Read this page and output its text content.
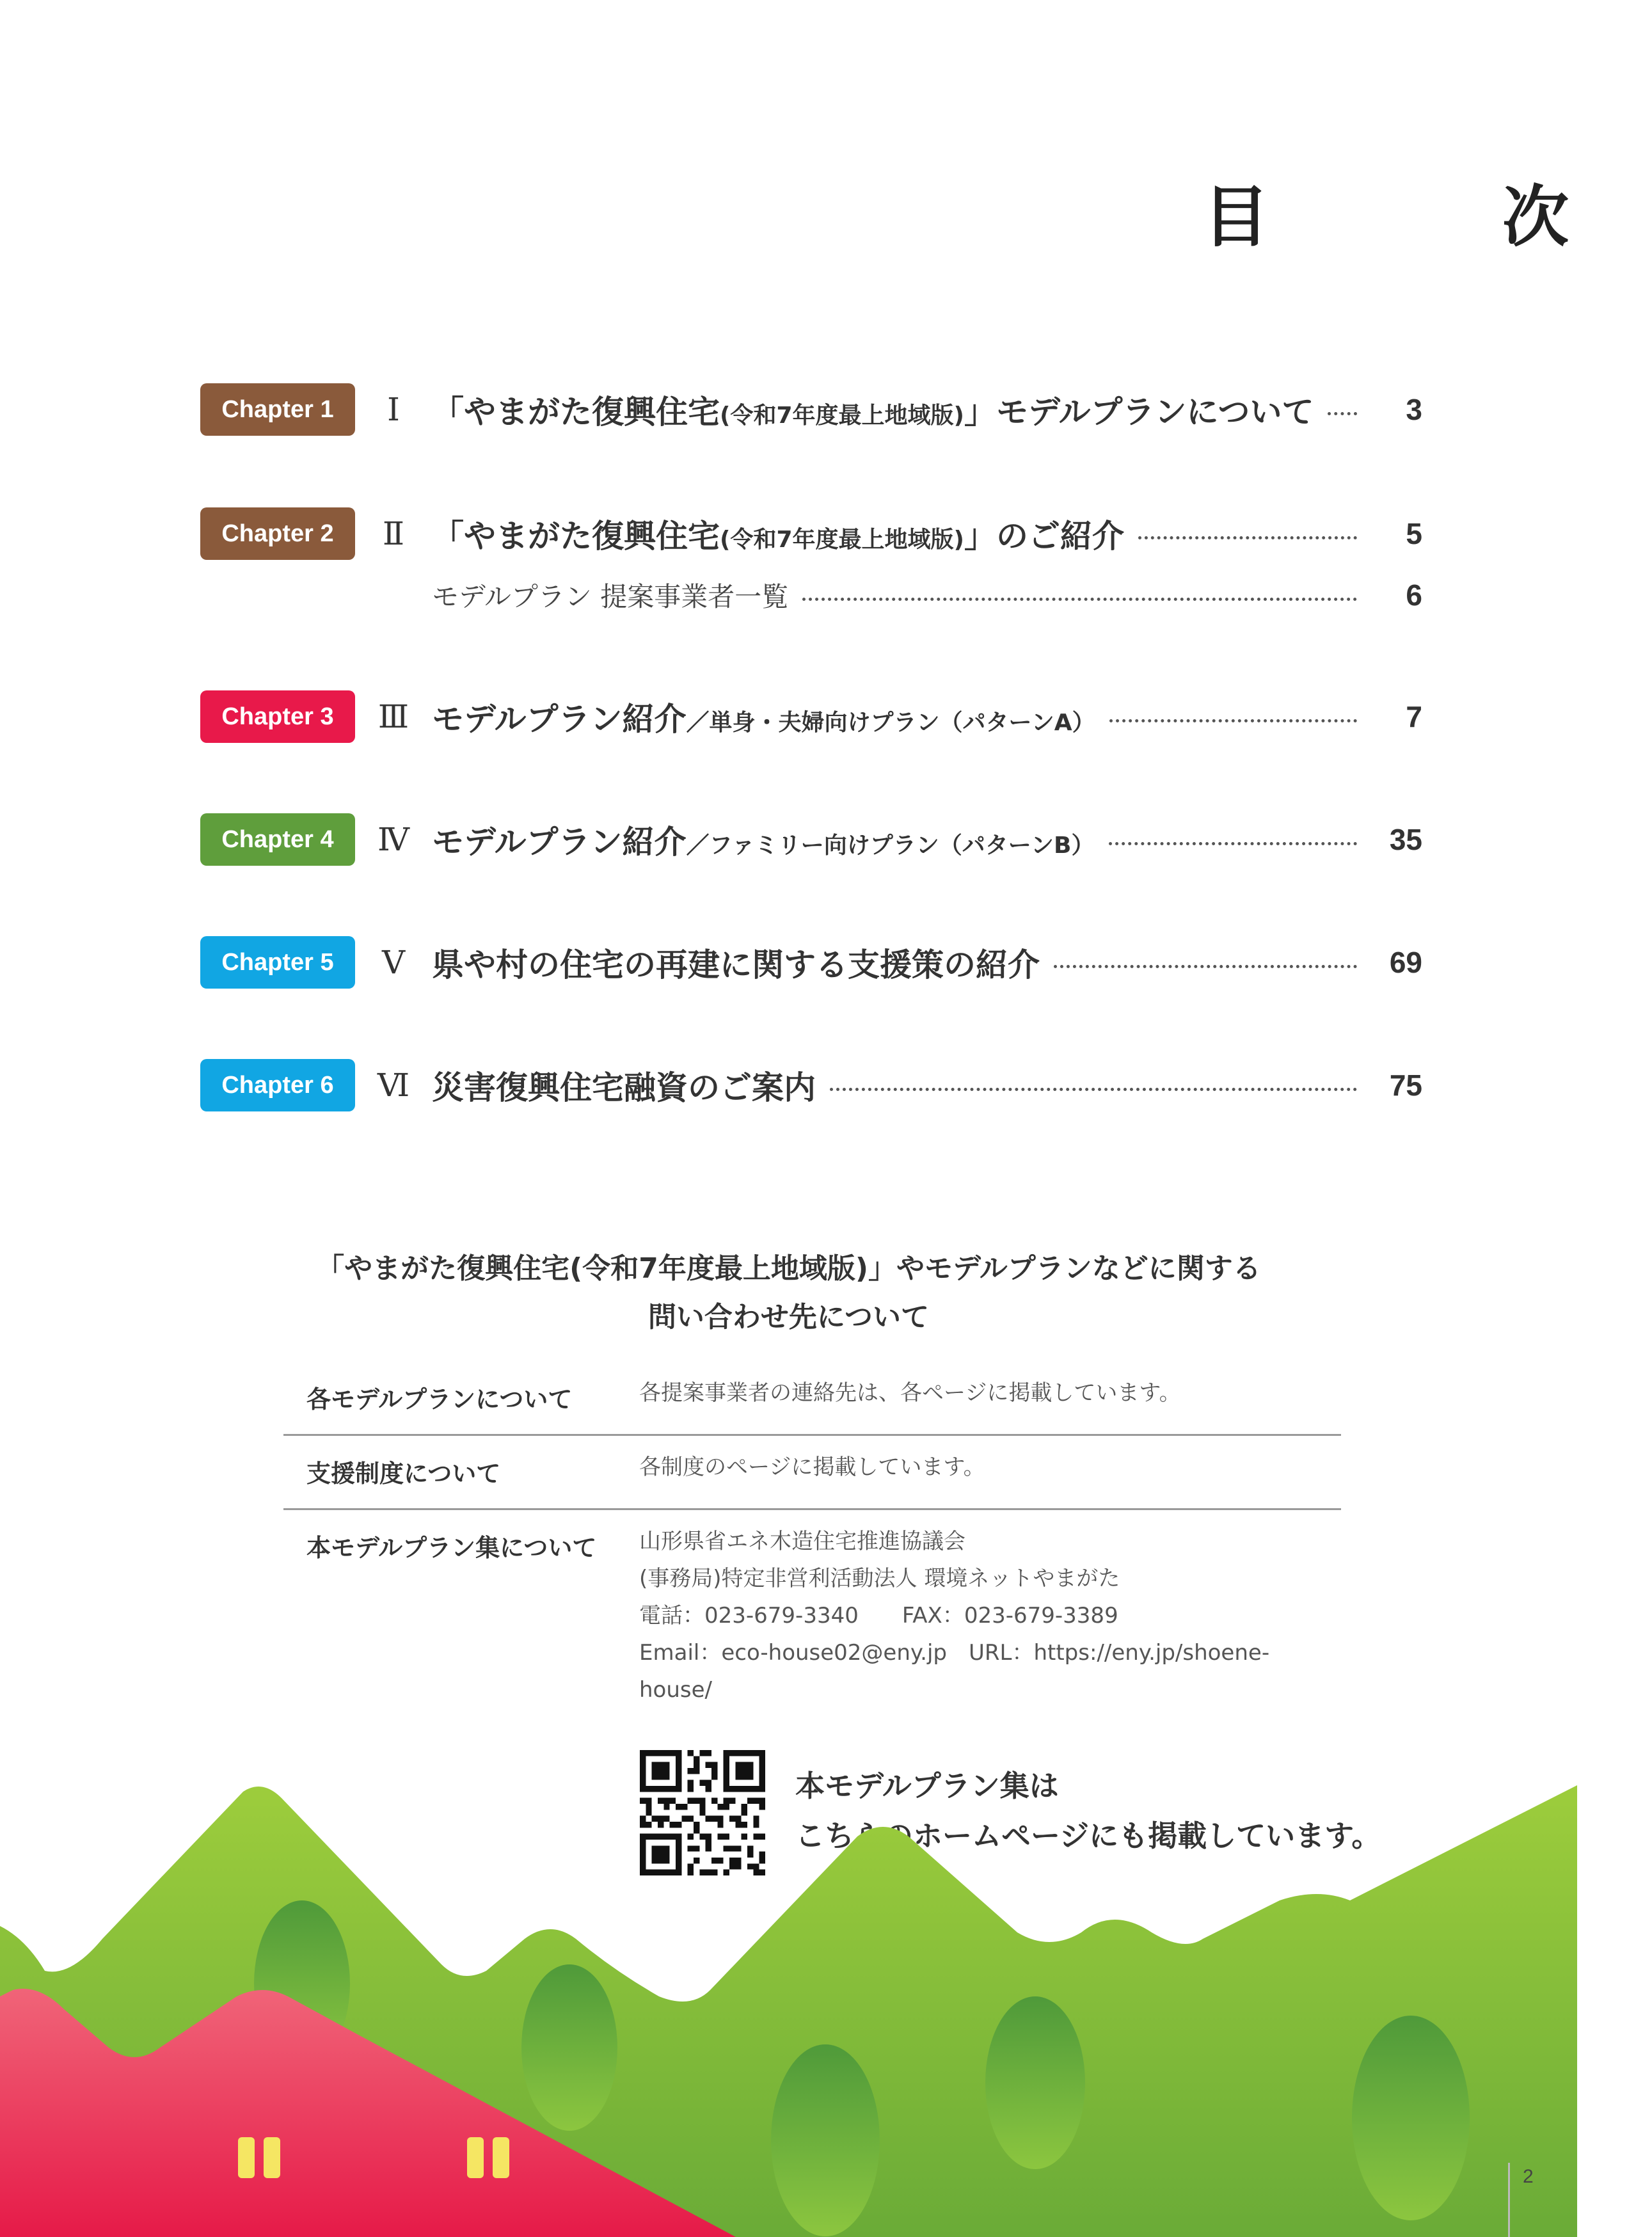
目　次
Chapter 1	Ⅰ	「やまがた復興住宅(令和7年度最上地域版)」モデルプランについて	3
Chapter 2	Ⅱ 「やまがた復興住宅(令和7年度最上地域版)」のご紹介	5
モデルプラン 提案事業者一覧	6
Chapter 3	Ⅲ モデルプラン紹介／単身・夫婦向けプラン（パターンA）	7
Chapter 4	Ⅳ モデルプラン紹介／ファミリー向けプラン（パターンB）	35
Chapter 5	Ⅴ 県や村の住宅の再建に関する支援策の紹介	69
Chapter 6	Ⅵ 災害復興住宅融資のご案内	75
「やまがた復興住宅(令和7年度最上地域版)」やモデルプランなどに関する
問い合わせ先について
各モデルプランについて	各提案事業者の連絡先は、各ページに掲載しています。
支援制度について	各制度のページに掲載しています。
本モデルプラン集について	山形県省エネ木造住宅推進協議会
(事務局)特定非営利活動法人 環境ネットやまがた
電話：023-679-3340　　FAX：023-679-3389
Email：eco-house02@eny.jp　URL：https://eny.jp/shoene-house/
本モデルプラン集は
こちらのホームページにも掲載しています。
2
